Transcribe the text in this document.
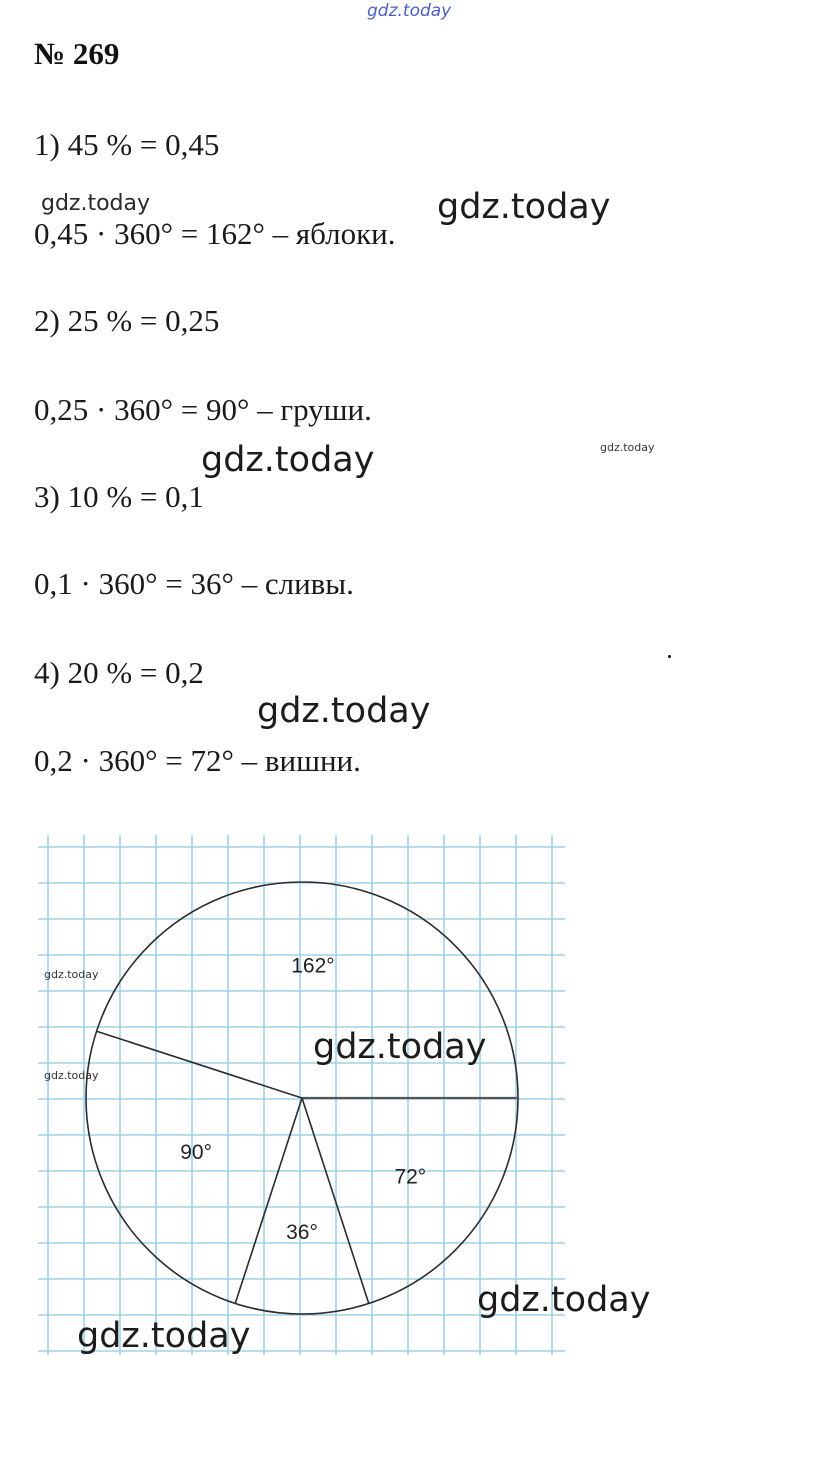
gdz.today
№ 269
1) 45 % = 0,45
0,45 · 360° = 162° – яблоки.
2) 25 % = 0,25
0,25 · 360° = 90° – груши.
3) 10 % = 0,1
0,1 · 360° = 36° – сливы.
4) 20 % = 0,2
0,2 · 360° = 72° – вишни.
162°
90°
36°
72°
gdz.today	gdz.today
gdz.today
gdz.today
gdz.today
gdz.today
gdz.today
gdz.today
gdz.today
gdz.today
